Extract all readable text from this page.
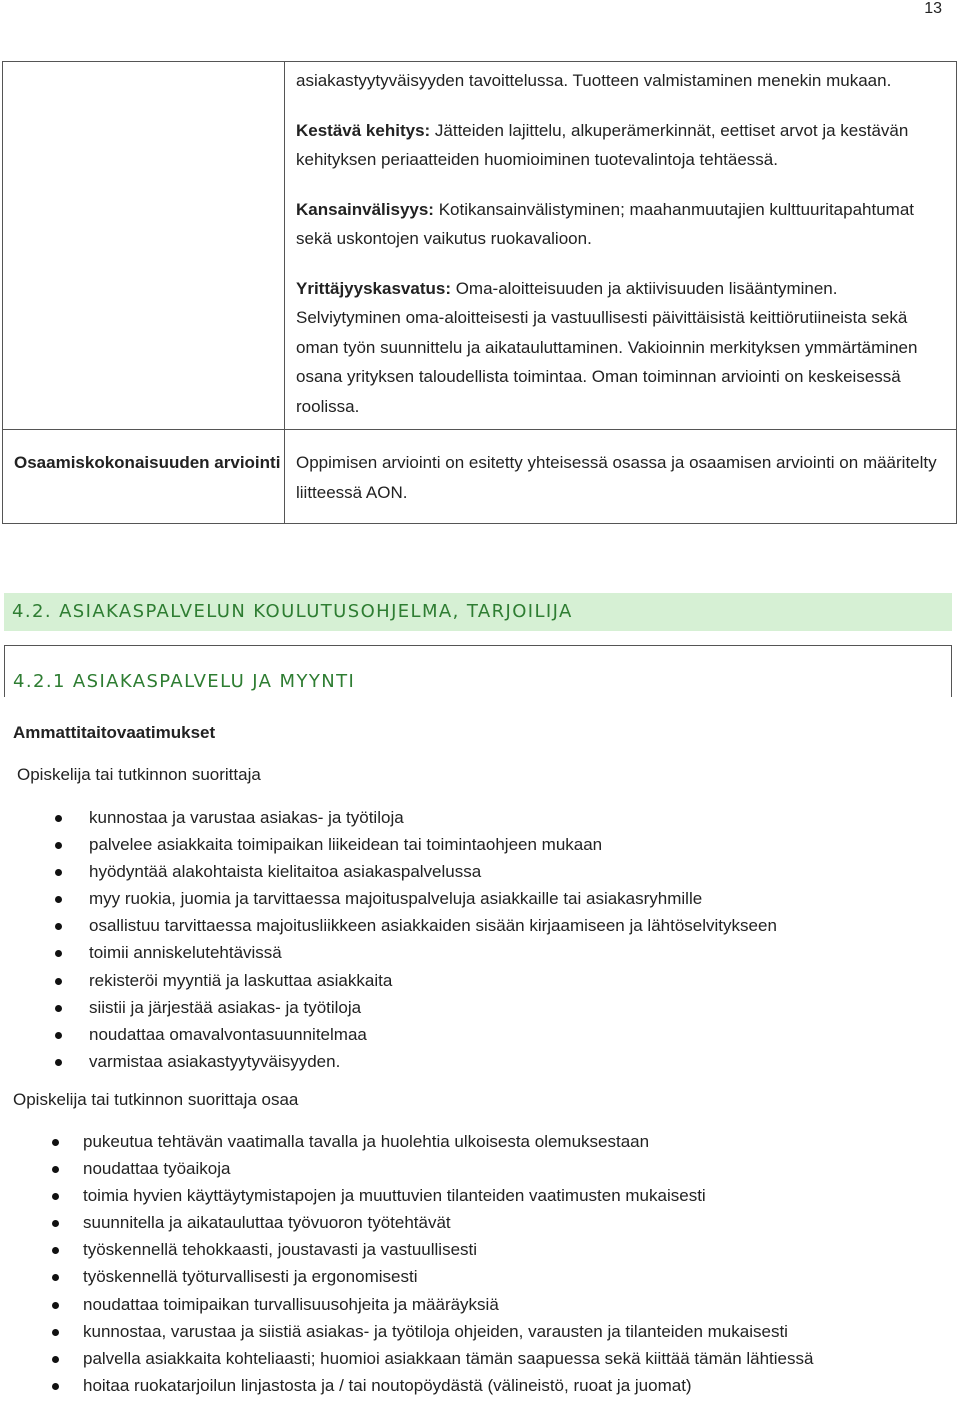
13

	asiakastyytyväisyyden tavoittelussa. Tuotteen valmistaminen menekin mukaan.

Kestävä kehitys: Jätteiden lajittelu, alkuperämerkinnät, eettiset arvot ja kestävän kehityksen periaatteiden huomioiminen tuotevalintoja tehtäessä.

Kansainvälisyys: Kotikansainvälistyminen; maahanmuutajien kulttuuritapahtumat sekä uskontojen vaikutus ruokavalioon.

Yrittäjyyskasvatus: Oma-aloitteisuuden ja aktiivisuuden lisääntyminen. Selviytyminen oma-aloitteisesti ja vastuullisesti päivittäisistä keittiörutiineista sekä oman työn suunnittelu ja aikatauluttaminen. Vakioinnin merkityksen ymmärtäminen osana yrityksen taloudellista toimintaa. Oman toiminnan arviointi on keskeisessä roolissa.

Osaamiskokonaisuuden arviointi	Oppimisen arviointi on esitetty yhteisessä osassa ja osaamisen arviointi on määritelty liitteessä AON.

4.2. ASIAKASPALVELUN KOULUTUSOHJELMA, TARJOILIJA
4.2.1 ASIAKASPALVELU JA MYYNTI
Ammattitaitovaatimukset
Opiskelija tai tutkinnon suorittaja
kunnostaa ja varustaa asiakas- ja työtiloja
palvelee asiakkaita toimipaikan liikeidean tai toimintaohjeen mukaan
hyödyntää alakohtaista kielitaitoa asiakaspalvelussa
myy ruokia, juomia ja tarvittaessa majoituspalveluja asiakkaille tai asiakasryhmille
osallistuu tarvittaessa majoitusliikkeen asiakkaiden sisään kirjaamiseen ja lähtöselvitykseen
toimii anniskelutehtävissä
rekisteröi myyntiä ja laskuttaa asiakkaita
siistii ja järjestää asiakas- ja työtiloja
noudattaa omavalvontasuunnitelmaa
varmistaa asiakastyytyväisyyden.
Opiskelija tai tutkinnon suorittaja osaa
pukeutua tehtävän vaatimalla tavalla ja huolehtia ulkoisesta olemuksestaan
noudattaa työaikoja
toimia hyvien käyttäytymistapojen ja muuttuvien tilanteiden vaatimusten mukaisesti
suunnitella ja aikatauluttaa työvuoron työtehtävät
työskennellä tehokkaasti, joustavasti ja vastuullisesti
työskennellä työturvallisesti ja ergonomisesti
noudattaa toimipaikan turvallisuusohjeita ja määräyksiä
kunnostaa, varustaa ja siistiä asiakas- ja työtiloja ohjeiden, varausten ja tilanteiden mukaisesti
palvella asiakkaita kohteliaasti; huomioi asiakkaan tämän saapuessa sekä kiittää tämän lähtiessä
hoitaa ruokatarjoilun linjastosta ja / tai noutopöydästä (välineistö, ruoat ja juomat)
